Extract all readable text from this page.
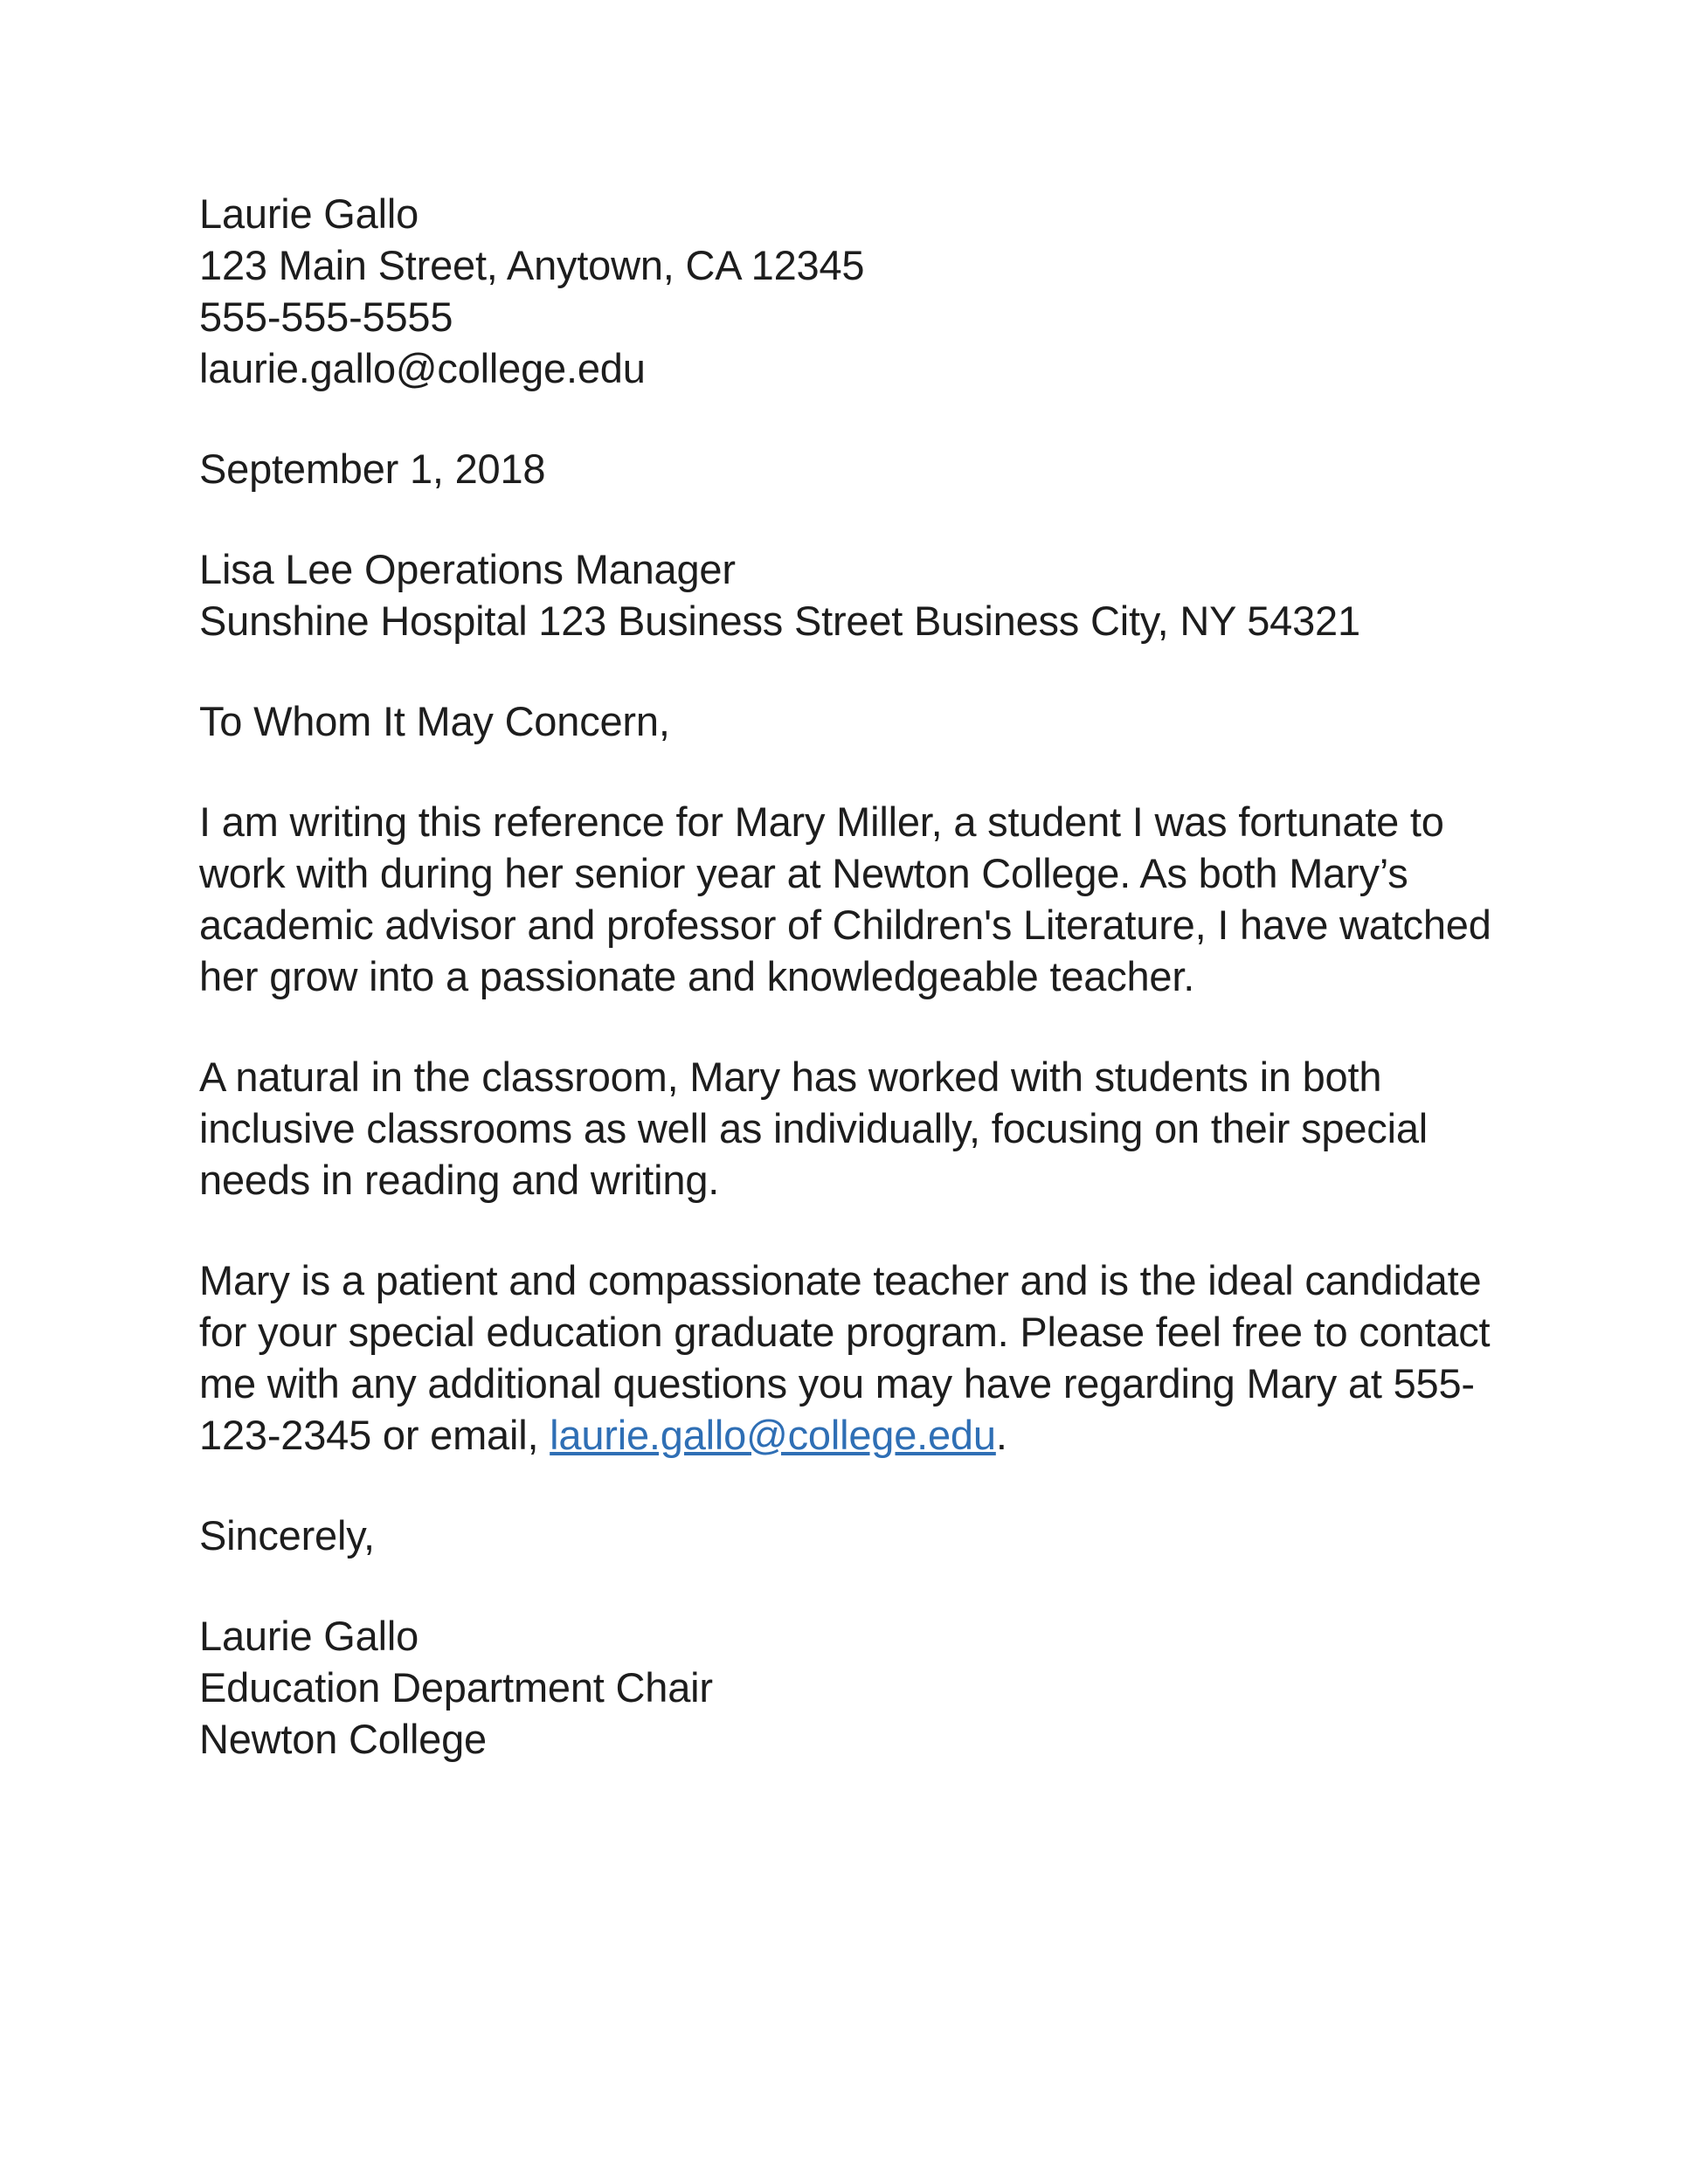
Laurie Gallo
123 Main Street, Anytown, CA 12345
555-555-5555
laurie.gallo@college.edu
September 1, 2018
Lisa Lee Operations Manager
Sunshine Hospital 123 Business Street Business City, NY 54321
To Whom It May Concern,
I am writing this reference for Mary Miller, a student I was fortunate to work with during her senior year at Newton College. As both Mary’s academic advisor and professor of Children's Literature, I have watched her grow into a passionate and knowledgeable teacher.
A natural in the classroom, Mary has worked with students in both inclusive classrooms as well as individually, focusing on their special needs in reading and writing.
Mary is a patient and compassionate teacher and is the ideal candidate for your special education graduate program. Please feel free to contact me with any additional questions you may have regarding Mary at 555-123-2345 or email, laurie.gallo@college.edu.
Sincerely,
Laurie Gallo
Education Department Chair
Newton College
